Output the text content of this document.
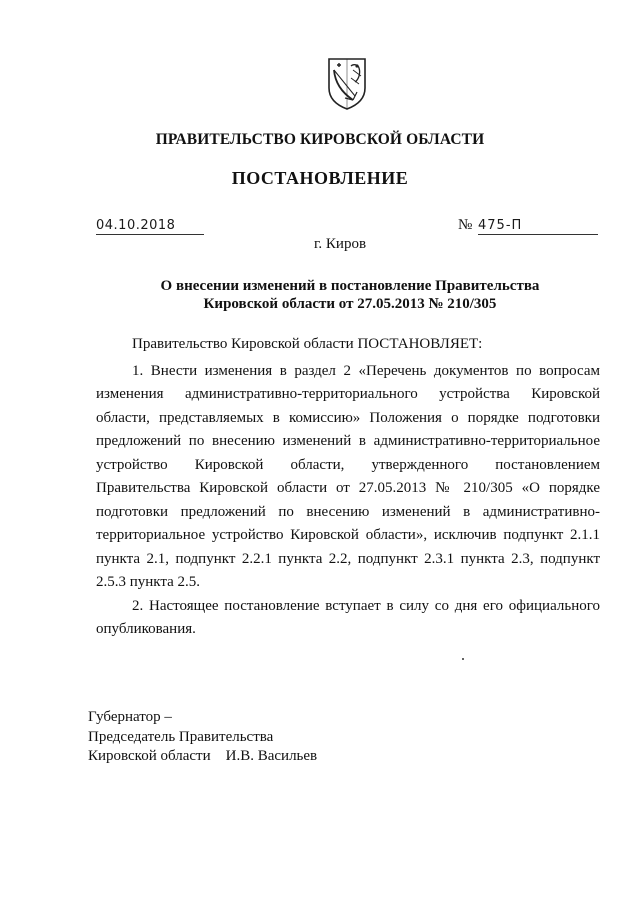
ПРАВИТЕЛЬСТВО КИРОВСКОЙ ОБЛАСТИ
ПОСТАНОВЛЕНИЕ
04.10.2018	№ 475-П
г. Киров
О внесении изменений в постановление Правительства
Кировской области от 27.05.2013 № 210/305

Правительство Кировской области ПОСТАНОВЛЯЕТ:

1. Внести изменения в раздел 2 «Перечень документов по вопросам изменения административно-территориального устройства Кировской области, представляемых в комиссию» Положения о порядке подготовки предложений по внесению изменений в административно-территориальное устройство Кировской области, утвержденного постановлением Правительства Кировской области от 27.05.2013 № 210/305 «О порядке подготовки предложений по внесению изменений в административно-территориальное устройство Кировской области», исключив подпункт 2.1.1 пункта 2.1, подпункт 2.2.1 пункта 2.2, подпункт 2.3.1 пункта 2.3, подпункт 2.5.3 пункта 2.5.

2. Настоящее постановление вступает в силу со дня его официального опубликования.

Губернатор –
Председатель Правительства
Кировской области И.В. Васильев
